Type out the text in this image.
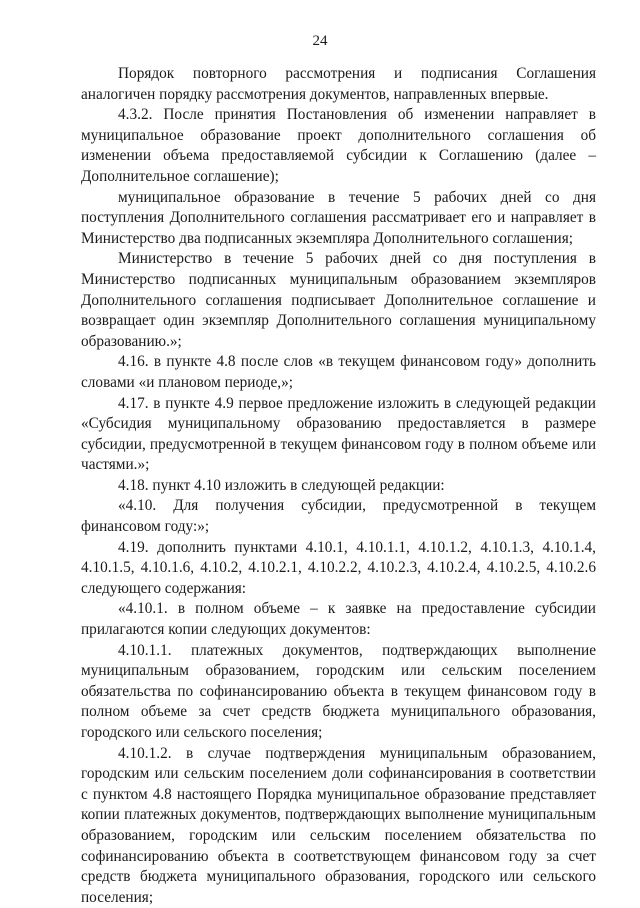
24

Порядок повторного рассмотрения и подписания Соглашения аналогичен порядку рассмотрения документов, направленных впервые.

4.3.2. После принятия Постановления об изменении направляет в муниципальное образование проект дополнительного соглашения об изменении объема предоставляемой субсидии к Соглашению (далее – Дополнительное соглашение);

муниципальное образование в течение 5 рабочих дней со дня поступления Дополнительного соглашения рассматривает его и направляет в Министерство два подписанных экземпляра Дополнительного соглашения;

Министерство в течение 5 рабочих дней со дня поступления в Министерство подписанных муниципальным образованием экземпляров Дополнительного соглашения подписывает Дополнительное соглашение и возвращает один экземпляр Дополнительного соглашения муниципальному образованию.»;

4.16. в пункте 4.8 после слов «в текущем финансовом году» дополнить словами «и плановом периоде,»;

4.17. в пункте 4.9 первое предложение изложить в следующей редакции «Субсидия муниципальному образованию предоставляется в размере субсидии, предусмотренной в текущем финансовом году в полном объеме или частями.»;

4.18. пункт 4.10 изложить в следующей редакции:

«4.10. Для получения субсидии, предусмотренной в текущем финансовом году:»;

4.19. дополнить пунктами 4.10.1, 4.10.1.1, 4.10.1.2, 4.10.1.3, 4.10.1.4, 4.10.1.5, 4.10.1.6, 4.10.2, 4.10.2.1, 4.10.2.2, 4.10.2.3, 4.10.2.4, 4.10.2.5, 4.10.2.6 следующего содержания:

«4.10.1. в полном объеме – к заявке на предоставление субсидии прилагаются копии следующих документов:

4.10.1.1. платежных документов, подтверждающих выполнение муниципальным образованием, городским или сельским поселением обязательства по софинансированию объекта в текущем финансовом году в полном объеме за счет средств бюджета муниципального образования, городского или сельского поселения;

4.10.1.2. в случае подтверждения муниципальным образованием, городским или сельским поселением доли софинансирования в соответствии с пунктом 4.8 настоящего Порядка муниципальное образование представляет копии платежных документов, подтверждающих выполнение муниципальным образованием, городским или сельским поселением обязательства по софинансированию объекта в соответствующем финансовом году за счет средств бюджета муниципального образования, городского или сельского поселения;
